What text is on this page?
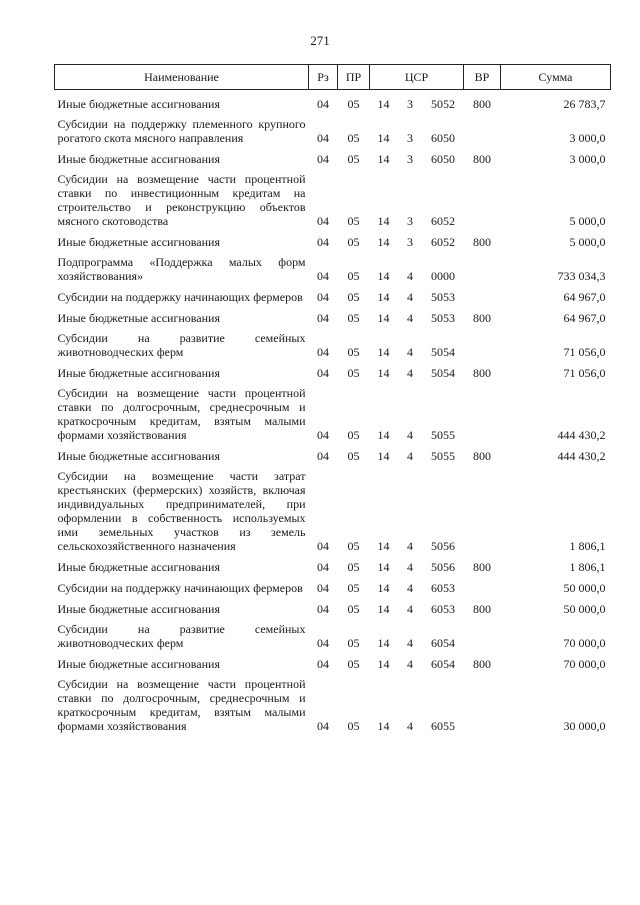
271
Наименование	Рз	ПР	ЦСР			ВР	Сумма
Иные бюджетные ассигнования	04	05	14	3	5052	800	26 783,7
Субсидии на поддержку племенного крупного рогатого скота мясного направления	04	05	14	3	6050		3 000,0
Иные бюджетные ассигнования	04	05	14	3	6050	800	3 000,0
Субсидии на возмещение части процентной ставки по инвестиционным кредитам на строительство и реконструкцию объектов мясного скотоводства	04	05	14	3	6052		5 000,0
Иные бюджетные ассигнования	04	05	14	3	6052	800	5 000,0
Подпрограмма «Поддержка малых форм хозяйствования»	04	05	14	4	0000		733 034,3
Субсидии на поддержку начинающих фермеров	04	05	14	4	5053		64 967,0
Иные бюджетные ассигнования	04	05	14	4	5053	800	64 967,0
Субсидии на развитие семейных животноводческих ферм	04	05	14	4	5054		71 056,0
Иные бюджетные ассигнования	04	05	14	4	5054	800	71 056,0
Субсидии на возмещение части процентной ставки по долгосрочным, среднесрочным и краткосрочным кредитам, взятым малыми формами хозяйствования	04	05	14	4	5055		444 430,2
Иные бюджетные ассигнования	04	05	14	4	5055	800	444 430,2
Субсидии на возмещение части затрат крестьянских (фермерских) хозяйств, включая индивидуальных предпринимателей, при оформлении в собственность используемых ими земельных участков из земель сельскохозяйственного назначения	04	05	14	4	5056		1 806,1
Иные бюджетные ассигнования	04	05	14	4	5056	800	1 806,1
Субсидии на поддержку начинающих фермеров	04	05	14	4	6053		50 000,0
Иные бюджетные ассигнования	04	05	14	4	6053	800	50 000,0
Субсидии на развитие семейных животноводческих ферм	04	05	14	4	6054		70 000,0
Иные бюджетные ассигнования	04	05	14	4	6054	800	70 000,0
Субсидии на возмещение части процентной ставки по долгосрочным, среднесрочным и краткосрочным кредитам, взятым малыми формами хозяйствования	04	05	14	4	6055		30 000,0
